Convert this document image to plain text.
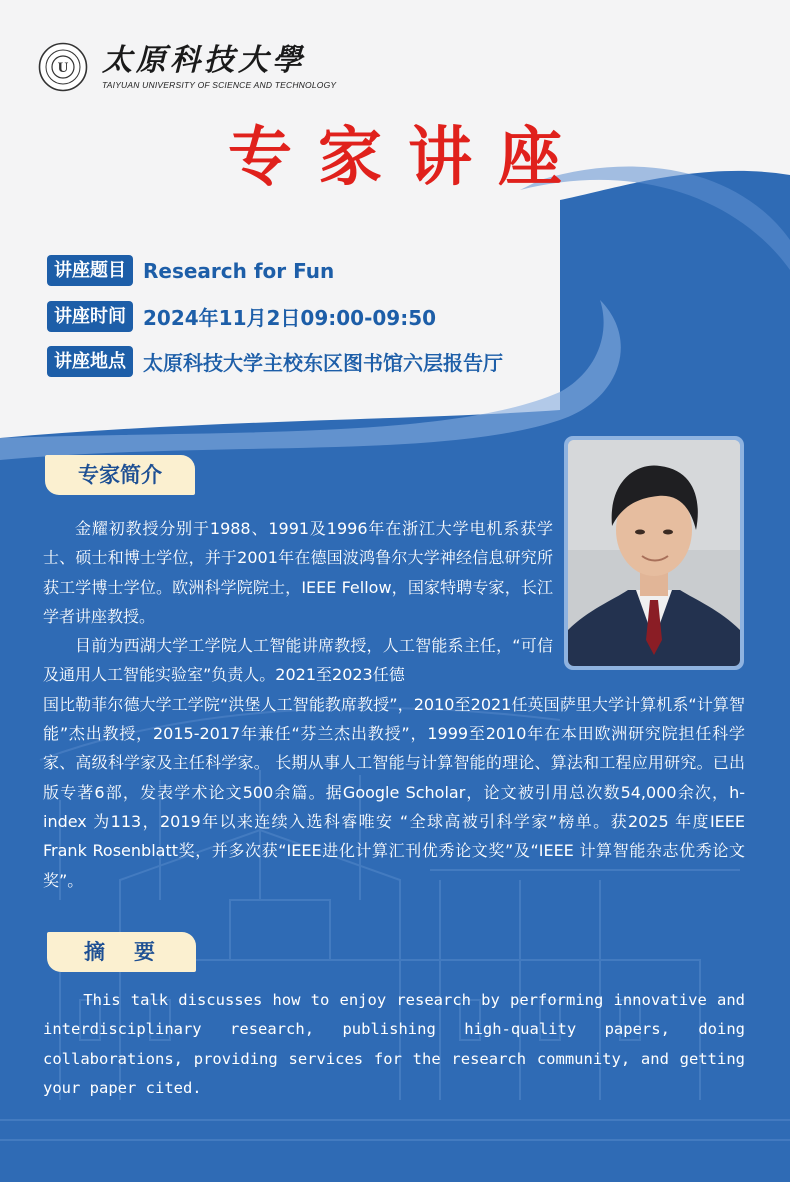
U 太原科技大學
TAIYUAN UNIVERSITY OF SCIENCE AND TECHNOLOGY
专家讲座
讲座题目 Research for Fun
讲座时间 2024年11月2日09:00-09:50
讲座地点 太原科技大学主校东区图书馆六层报告厅
专家简介

金耀初教授分别于1988、1991及1996年在浙江大学电机系获学士、硕士和博士学位，并于2001年在德国波鸿鲁尔大学神经信息研究所获工学博士学位。欧洲科学院院士，IEEE Fellow，国家特聘专家，长江学者讲座教授。

目前为西湖大学工学院人工智能讲席教授，人工智能系主任，“可信及通用人工智能实验室”负责人。2021至2023任德

国比勒菲尔德大学工学院“洪堡人工智能教席教授”，2010至2021任英国萨里大学计算机系“计算智能”杰出教授，2015-2017年兼任“芬兰杰出教授”，1999至2010年在本田欧洲研究院担任科学家、高级科学家及主任科学家。 长期从事人工智能与计算智能的理论、算法和工程应用研究。已出版专著6部，发表学术论文500余篇。据Google Scholar，论文被引用总次数54,000余次，h-index 为113，2019年以来连续入选科睿唯安 “全球高被引科学家”榜单。获2025 年度IEEE Frank Rosenblatt奖，并多次获“IEEE进化计算汇刊优秀论文奖”及“IEEE 计算智能杂志优秀论文奖”。

摘　要

This talk discusses how to enjoy research by performing innovative and interdisciplinary research, publishing high-quality papers, doing collaborations, providing services for the research community, and getting your paper cited.
